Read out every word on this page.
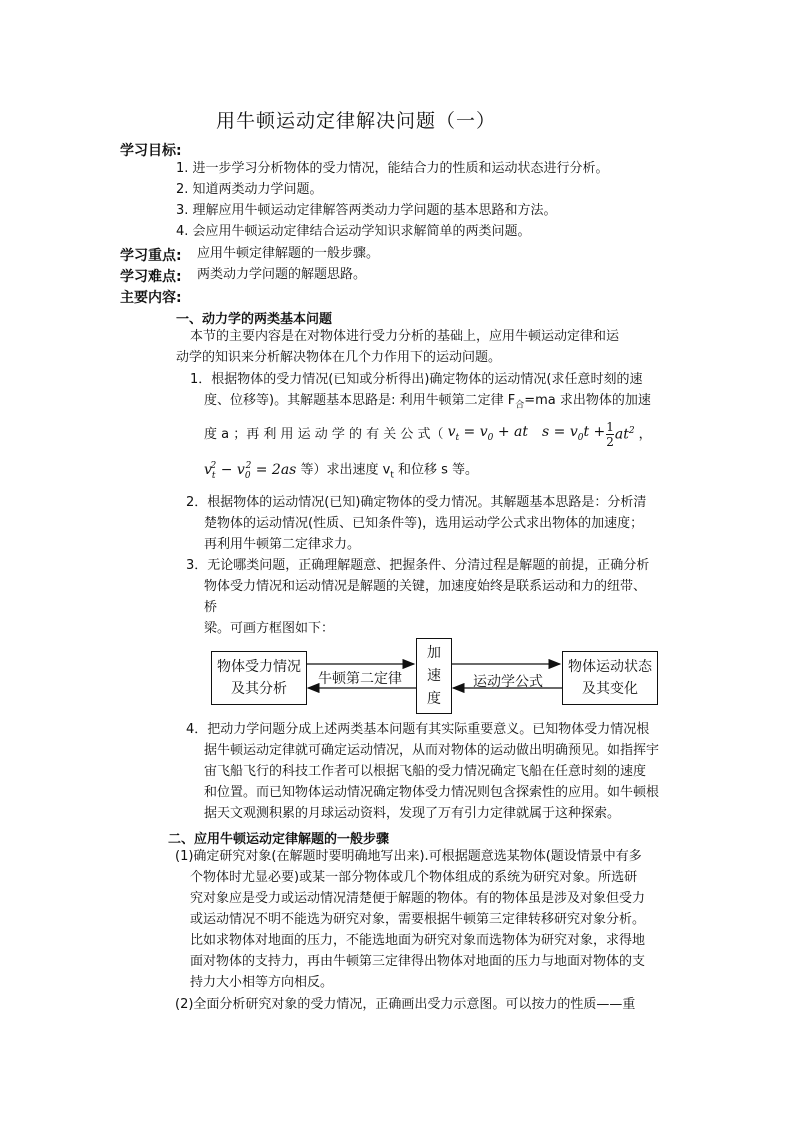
用牛顿运动定律解决问题（一）
学习目标:
1. 进一步学习分析物体的受力情况，能结合力的性质和运动状态进行分析。
2. 知道两类动力学问题。
3. 理解应用牛顿运动定律解答两类动力学问题的基本思路和方法。
4. 会应用牛顿运动定律结合运动学知识求解简单的两类问题。
学习重点: 应用牛顿定律解题的一般步骤。
学习难点: 两类动力学问题的解题思路。
主要内容:
一、动力学的两类基本问题
本节的主要内容是在对物体进行受力分析的基础上，应用牛顿运动定律和运
动学的知识来分析解决物体在几个力作用下的运动问题。
1．根据物体的受力情况(已知或分析得出)确定物体的运动情况(求任意时刻的速
度、位移等)。其解题基本思路是: 利用牛顿第二定律 $F_合=ma$ 求出物体的加速
度 a ；再 利 用 运 动 学 的 有 关 公 式（ $v_t = v_0$ + at $s = v_0t + \frac{1}{2} at^2$ ，
$v_t^2 - v_0^2 = 2as$ 等）求出速度 $v_t$ 和位移 s 等。
2．根据物体的运动情况(已知)确定物体的受力情况。其解题基本思路是：分析清
楚物体的运动情况(性质、已知条件等)，选用运动学公式求出物体的加速度；
再利用牛顿第二定律求力。
3．无论哪类问题，正确理解题意、把握条件、分清过程是解题的前提，正确分析
物体受力情况和运动情况是解题的关键，加速度始终是联系运动和力的纽带、
桥
梁。可画方框图如下：
物体受力情况及其分析
加速度
物体运动状态及其变化
牛顿第二定律	运动学公式
4．把动力学问题分成上述两类基本问题有其实际重要意义。已知物体受力情况根
据牛顿运动定律就可确定运动情况，从而对物体的运动做出明确预见。如指挥宇
宙飞船飞行的科技工作者可以根据飞船的受力情况确定飞船在任意时刻的速度
和位置。而已知物体运动情况确定物体受力情况则包含探索性的应用。如牛顿根
据天文观测积累的月球运动资料，发现了万有引力定律就属于这种探索。
二、应用牛顿运动定律解题的一般步骤
(1)确定研究对象(在解题时要明确地写出来).可根据题意选某物体(题设情景中有多
个物体时尤显必要)或某一部分物体或几个物体组成的系统为研究对象。所选研
究对象应是受力或运动情况清楚便于解题的物体。有的物体虽是涉及对象但受力
或运动情况不明不能选为研究对象，需要根据牛顿第三定律转移研究对象分析。
比如求物体对地面的压力，不能选地面为研究对象而选物体为研究对象，求得地
面对物体的支持力，再由牛顿第三定律得出物体对地面的压力与地面对物体的支
持力大小相等方向相反。
(2)全面分析研究对象的受力情况，正确画出受力示意图。可以按力的性质——重
